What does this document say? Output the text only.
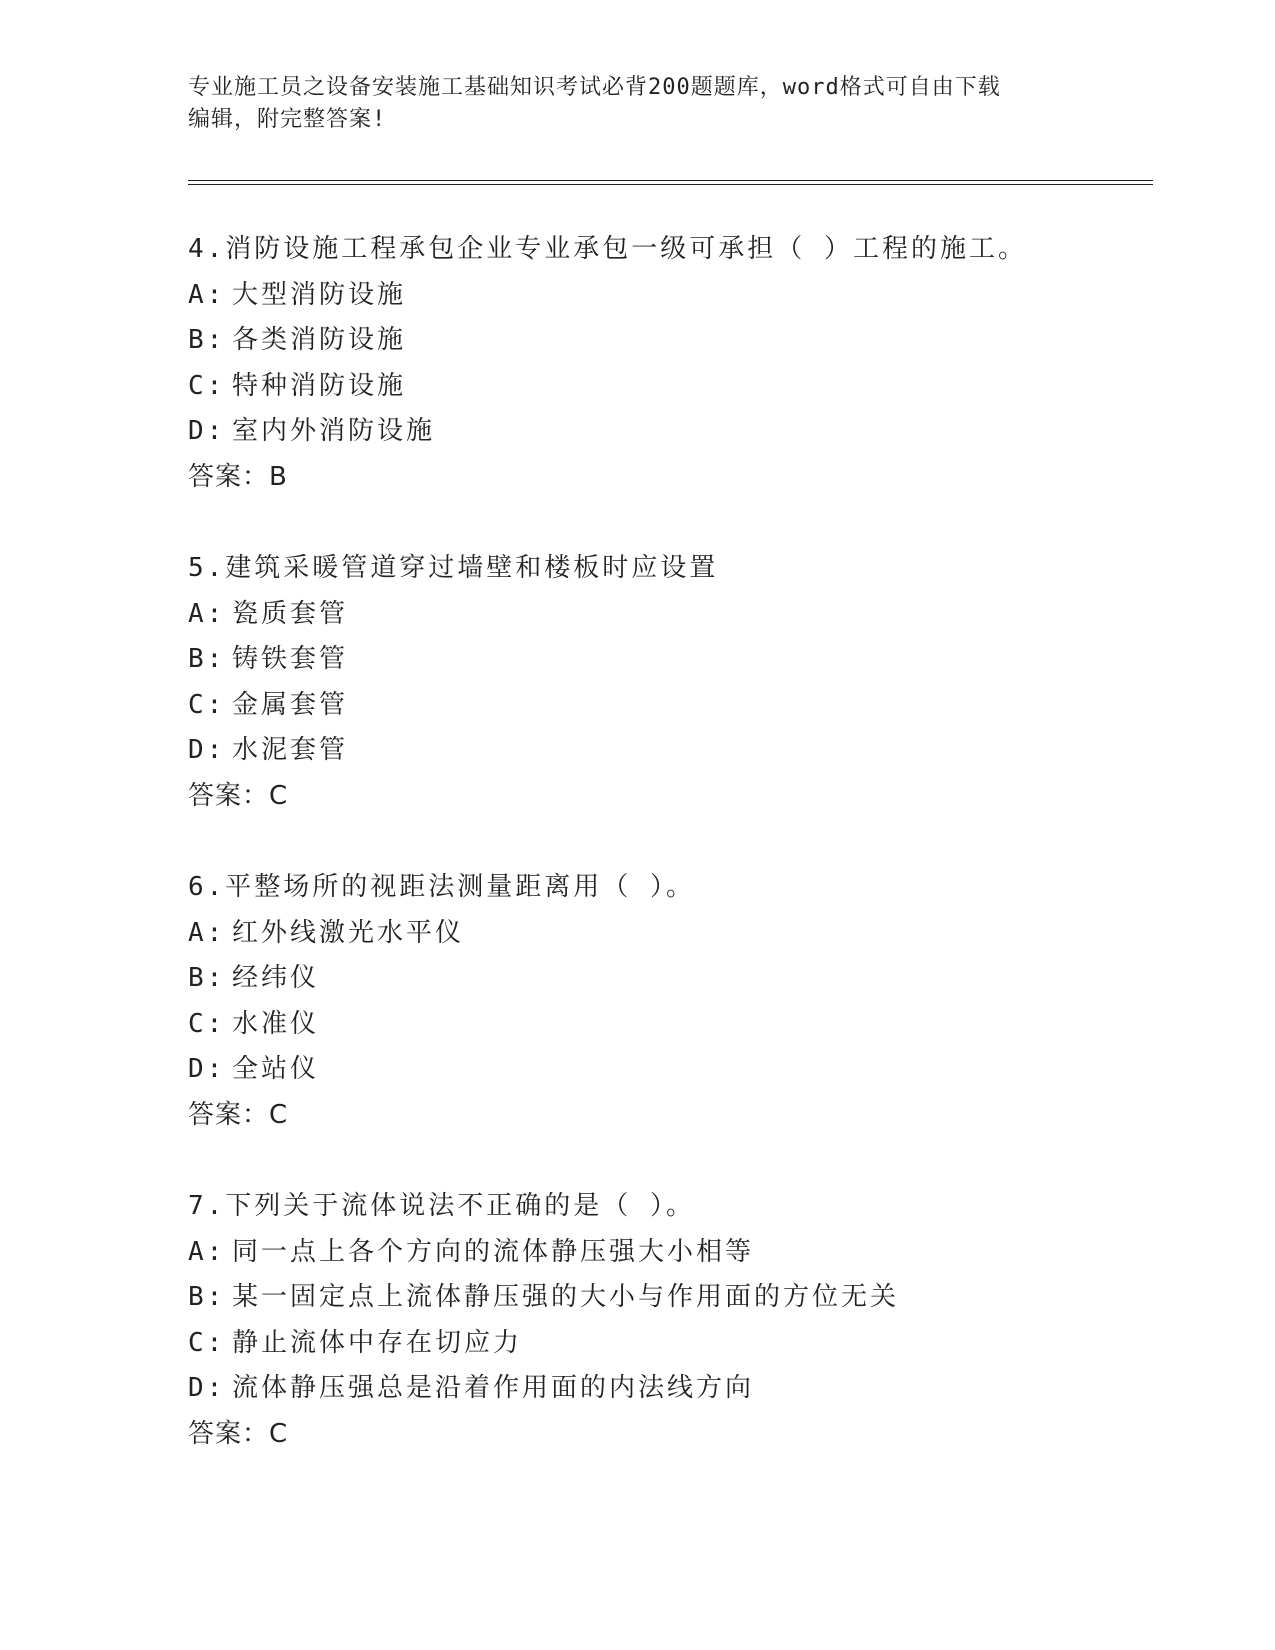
专业施工员之设备安装施工基础知识考试必背200题题库，word格式可自由下载
编辑，附完整答案!
4.消防设施工程承包企业专业承包一级可承担（ ）工程的施工。
A: 大型消防设施
B: 各类消防设施
C: 特种消防设施
D: 室内外消防设施
答案：B
5.建筑采暖管道穿过墙壁和楼板时应设置
A: 瓷质套管
B: 铸铁套管
C: 金属套管
D: 水泥套管
答案：C
6.平整场所的视距法测量距离用（ ）。
A: 红外线激光水平仪
B: 经纬仪
C: 水准仪
D: 全站仪
答案：C
7.下列关于流体说法不正确的是（ ）。
A: 同一点上各个方向的流体静压强大小相等
B: 某一固定点上流体静压强的大小与作用面的方位无关
C: 静止流体中存在切应力
D: 流体静压强总是沿着作用面的内法线方向
答案：C
